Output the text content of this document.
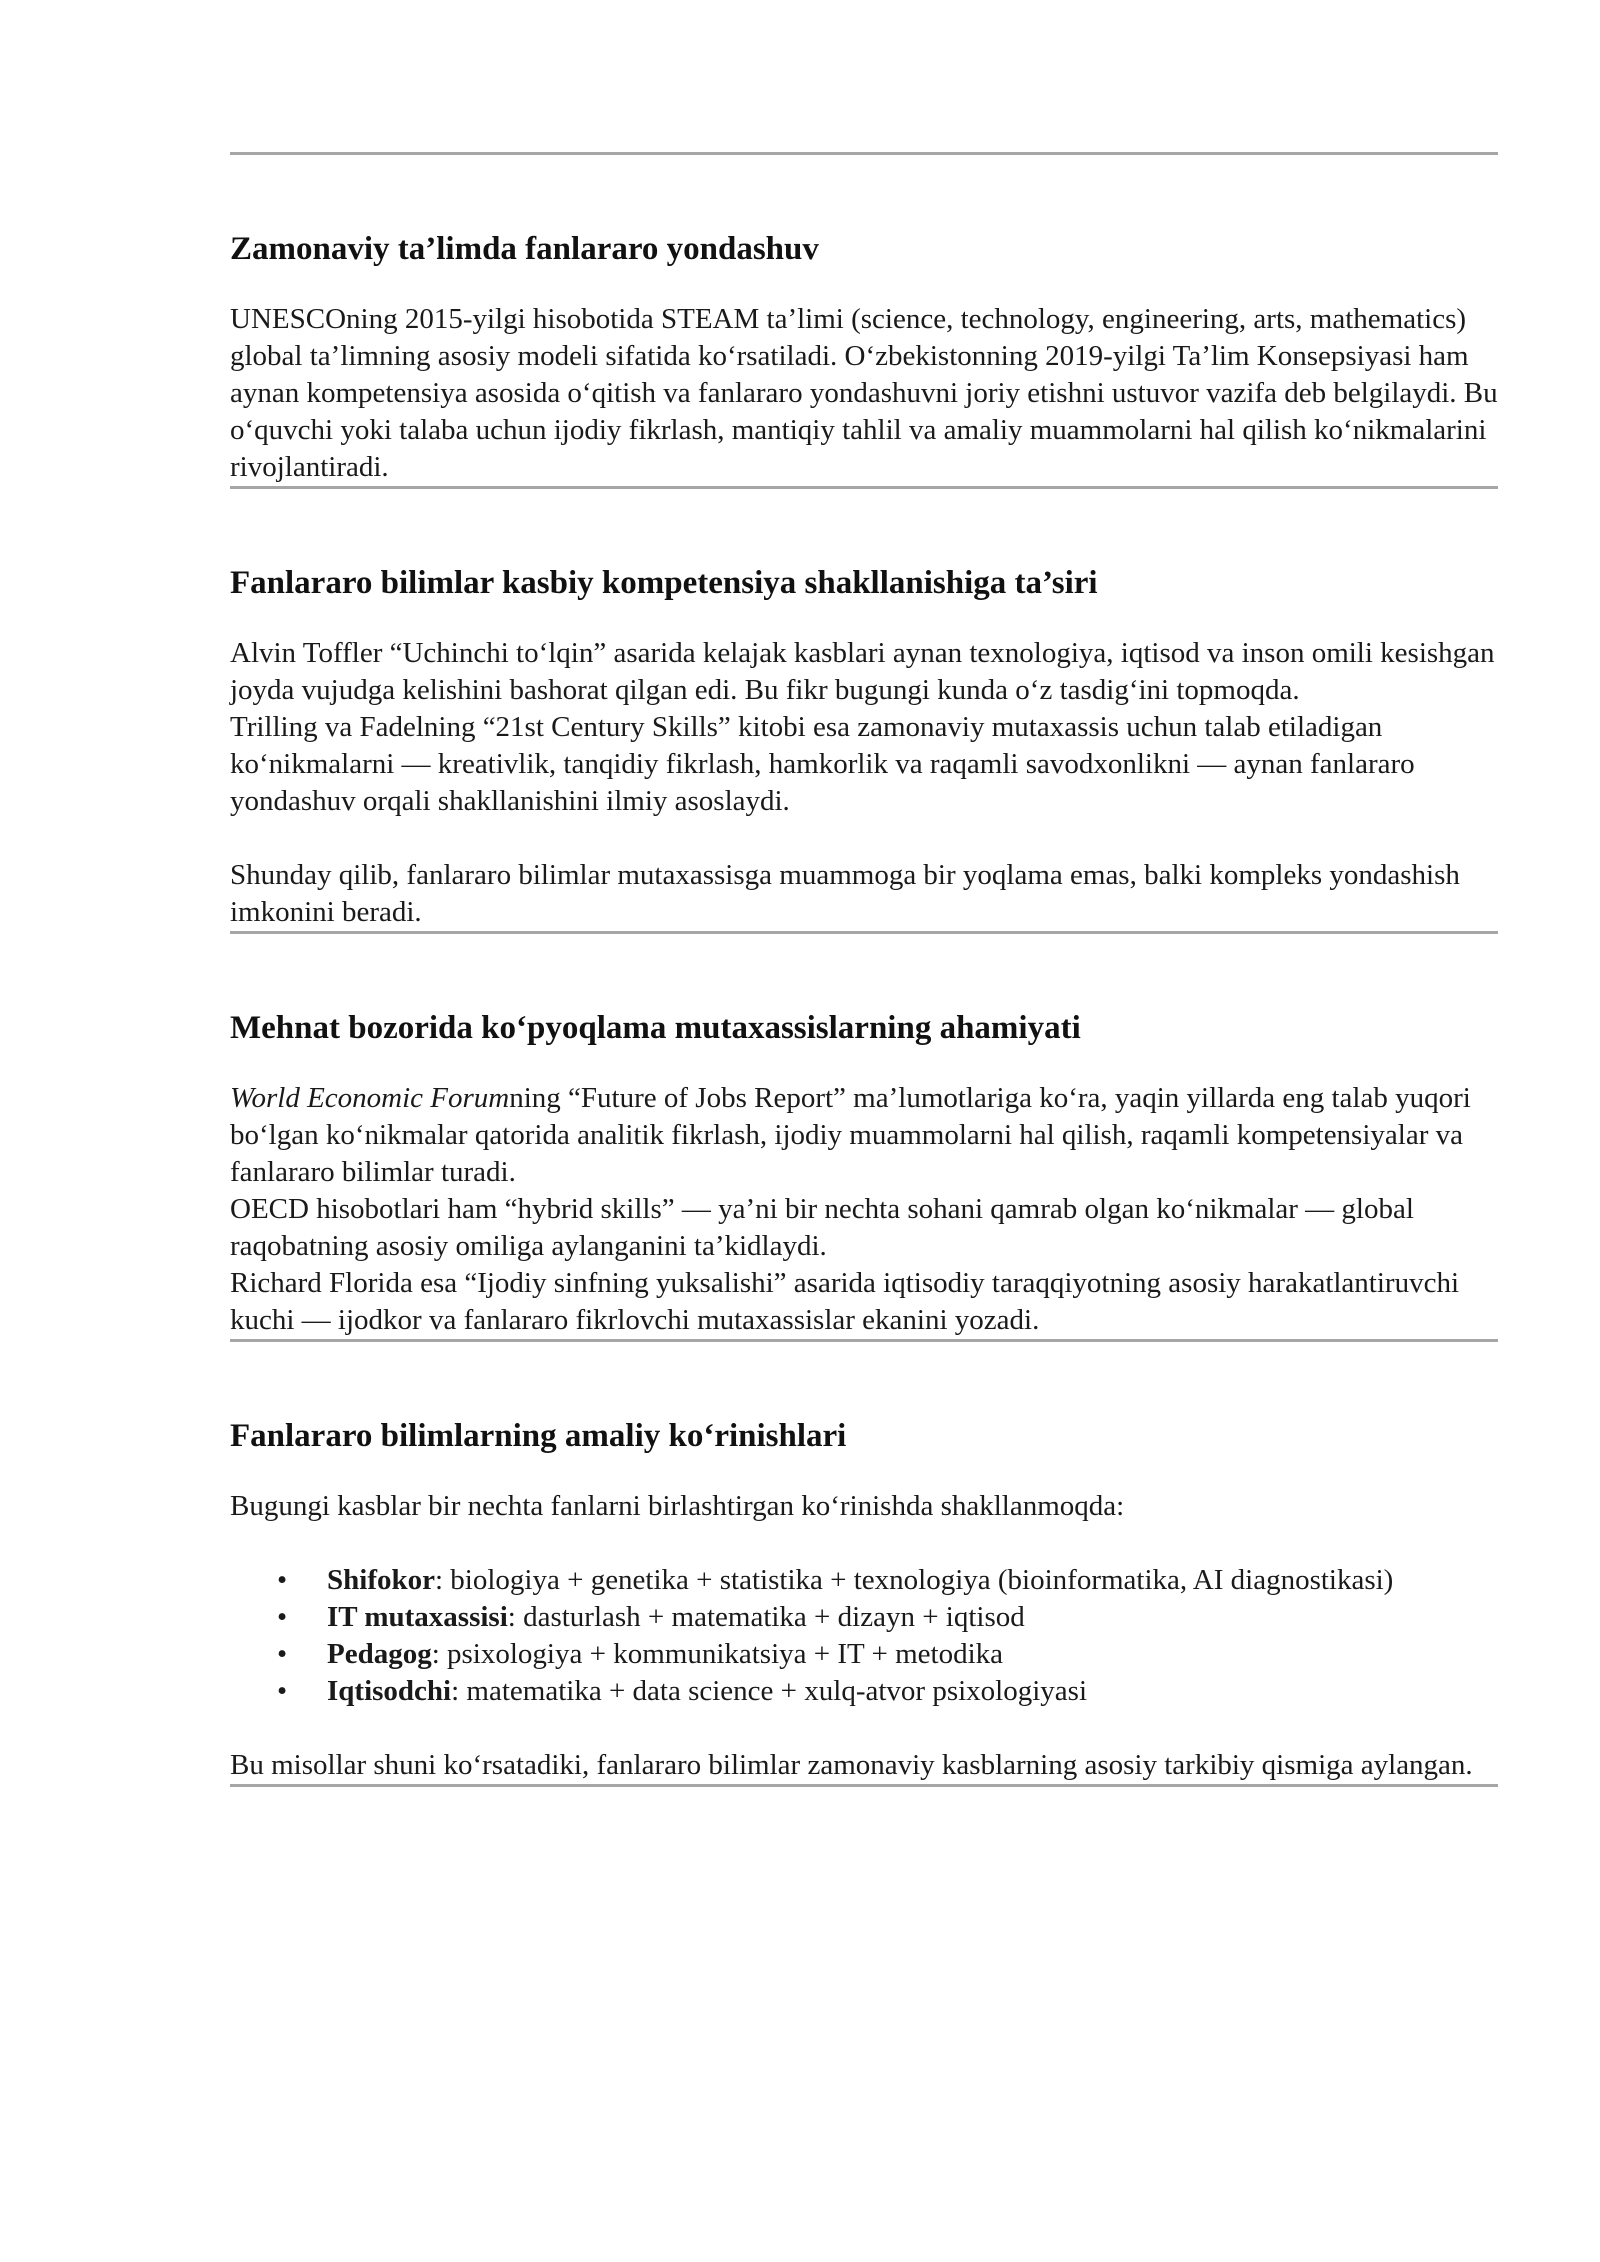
Zamonaviy ta’limda fanlararo yondashuv

UNESCOning 2015-yilgi hisobotida STEAM ta’limi (science, technology, engineering, arts, mathematics) global ta’limning asosiy modeli sifatida ko‘rsatiladi. O‘zbekistonning 2019-yilgi Ta’lim Konsepsiyasi ham aynan kompetensiya asosida o‘qitish va fanlararo yondashuvni joriy etishni ustuvor vazifa deb belgilaydi. Bu o‘quvchi yoki talaba uchun ijodiy fikrlash, mantiqiy tahlil va amaliy muammolarni hal qilish ko‘nikmalarini rivojlantiradi.

Fanlararo bilimlar kasbiy kompetensiya shakllanishiga ta’siri

Alvin Toffler “Uchinchi to‘lqin” asarida kelajak kasblari aynan texnologiya, iqtisod va inson omili kesishgan joyda vujudga kelishini bashorat qilgan edi. Bu fikr bugungi kunda o‘z tasdig‘ini topmoqda.

Trilling va Fadelning “21st Century Skills” kitobi esa zamonaviy mutaxassis uchun talab etiladigan ko‘nikmalarni — kreativlik, tanqidiy fikrlash, hamkorlik va raqamli savodxonlikni — aynan fanlararo yondashuv orqali shakllanishini ilmiy asoslaydi.

Shunday qilib, fanlararo bilimlar mutaxassisga muammoga bir yoqlama emas, balki kompleks yondashish imkonini beradi.

Mehnat bozorida ko‘pyoqlama mutaxassislarning ahamiyati

World Economic Forumning “Future of Jobs Report” ma’lumotlariga ko‘ra, yaqin yillarda eng talab yuqori bo‘lgan ko‘nikmalar qatorida analitik fikrlash, ijodiy muammolarni hal qilish, raqamli kompetensiyalar va fanlararo bilimlar turadi.

OECD hisobotlari ham “hybrid skills” — ya’ni bir nechta sohani qamrab olgan ko‘nikmalar — global raqobatning asosiy omiliga aylanganini ta’kidlaydi.

Richard Florida esa “Ijodiy sinfning yuksalishi” asarida iqtisodiy taraqqiyotning asosiy harakatlantiruvchi kuchi — ijodkor va fanlararo fikrlovchi mutaxassislar ekanini yozadi.

Fanlararo bilimlarning amaliy ko‘rinishlari

Bugungi kasblar bir nechta fanlarni birlashtirgan ko‘rinishda shakllanmoqda:

•	Shifokor: biologiya + genetika + statistika + texnologiya (bioinformatika, AI diagnostikasi)
•	IT mutaxassisi: dasturlash + matematika + dizayn + iqtisod
•	Pedagog: psixologiya + kommunikatsiya + IT + metodika
•	Iqtisodchi: matematika + data science + xulq-atvor psixologiyasi

Bu misollar shuni ko‘rsatadiki, fanlararo bilimlar zamonaviy kasblarning asosiy tarkibiy qismiga aylangan.
